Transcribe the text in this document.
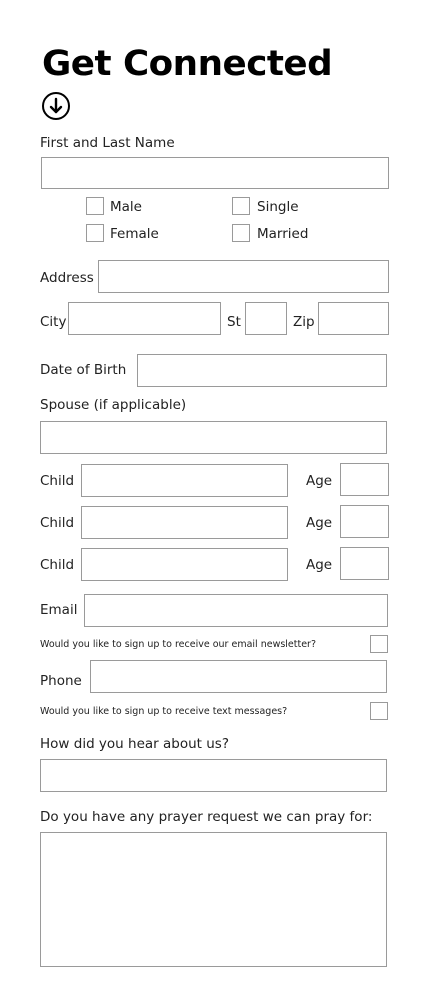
Get Connected
First and Last Name
Male	Single
Female	Married
Address
City	St	Zip
Date of Birth
Spouse (if applicable)
Child	Age
Child	Age
Child	Age
Email
Would you like to sign up to receive our email newsletter?
Phone
Would you like to sign up to receive text messages?
How did you hear about us?
Do you have any prayer request we can pray for:
